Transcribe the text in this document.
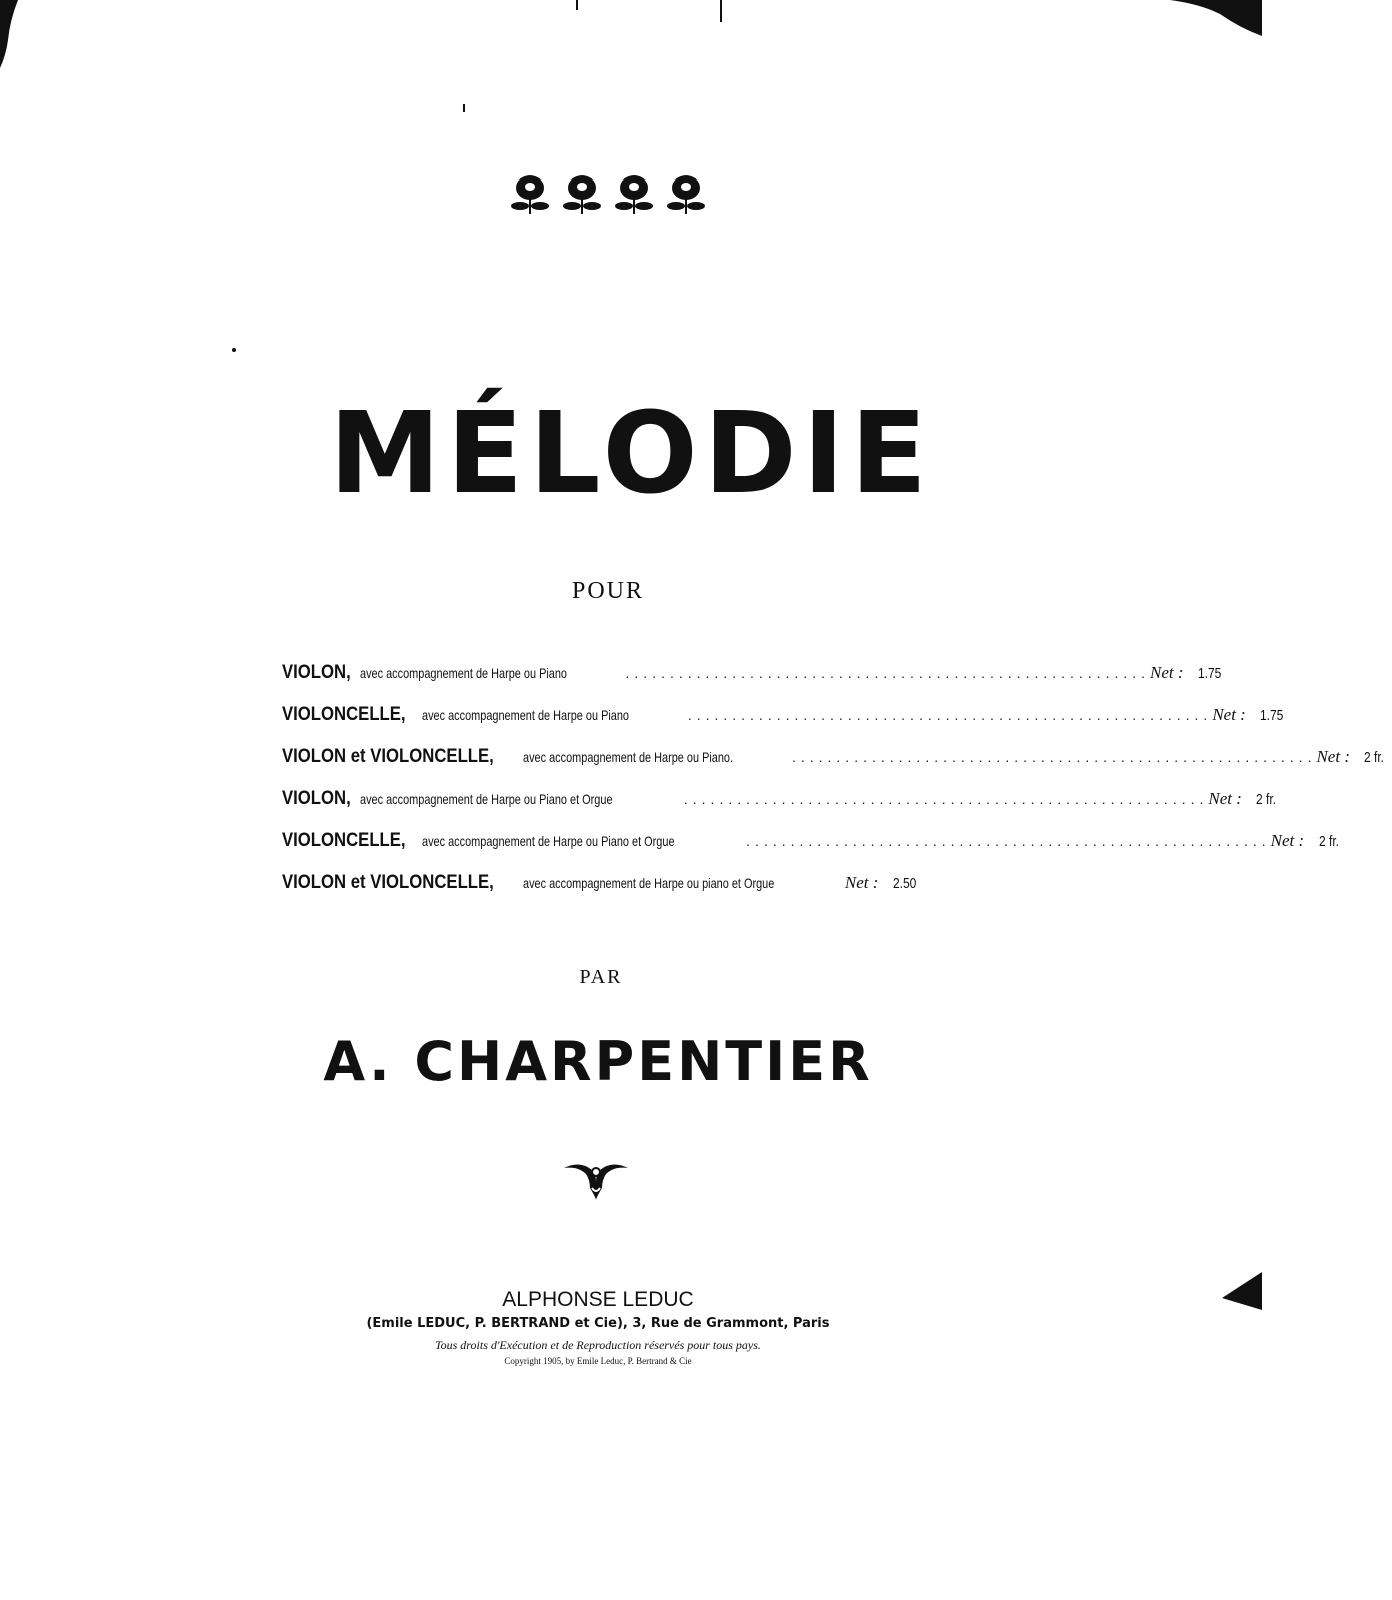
MÉLODIE
POUR
VIOLON, avec accompagnement de Harpe ou Piano	........................................................... Net : 1.75
VIOLONCELLE, avec accompagnement de Harpe ou Piano	........................................................... Net : 1.75
VIOLON et VIOLONCELLE, avec accompagnement de Harpe ou Piano.	........................................................... Net : 2 fr.
VIOLON, avec accompagnement de Harpe ou Piano et Orgue	........................................................... Net : 2 fr.
VIOLONCELLE, avec accompagnement de Harpe ou Piano et Orgue	........................................................... Net : 2 fr.
VIOLON et VIOLONCELLE, avec accompagnement de Harpe ou piano et Orgue	Net : 2.50
PAR
A. CHARPENTIER
ALPHONSE LEDUC
(Emile LEDUC, P. BERTRAND et Cie), 3, Rue de Grammont, Paris
Tous droits d'Exécution et de Reproduction réservés pour tous pays.
Copyright 1905, by Emile Leduc, P. Bertrand & Cie
